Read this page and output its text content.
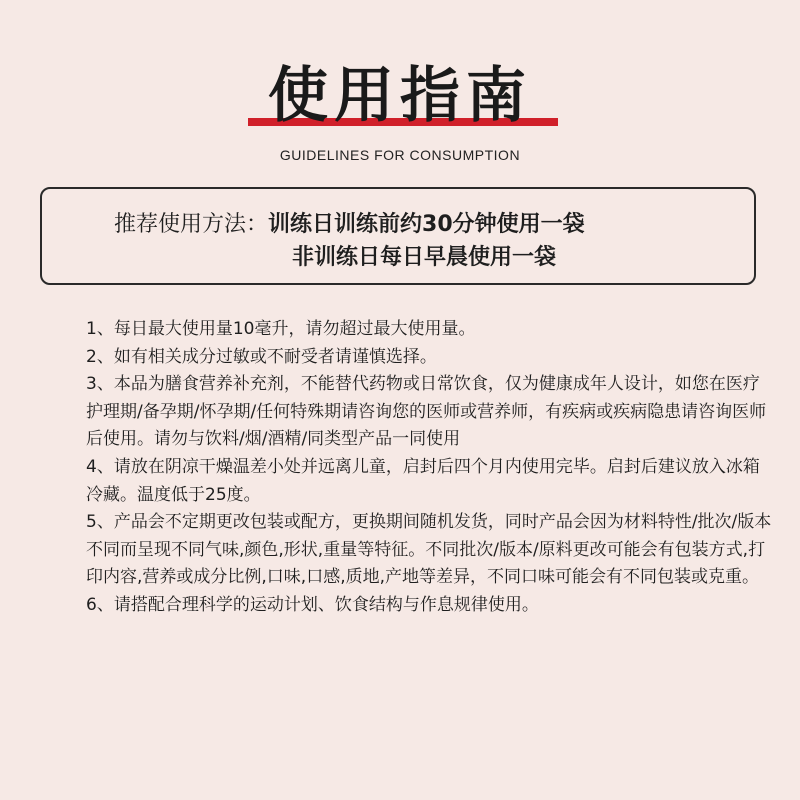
使用指南
GUIDELINES FOR CONSUMPTION
推荐使用方法：训练日训练前约30分钟使用一袋
非训练日每日早晨使用一袋

1、每日最大使用量10毫升，请勿超过最大使用量。

2、如有相关成分过敏或不耐受者请谨慎选择。

3、本品为膳食营养补充剂，不能替代药物或日常饮食，仅为健康成年人设计，如您在医疗护理期/备孕期/怀孕期/任何特殊期请咨询您的医师或营养师，有疾病或疾病隐患请咨询医师后使用。请勿与饮料/烟/酒精/同类型产品一同使用

4、请放在阴凉干燥温差小处并远离儿童，启封后四个月内使用完毕。启封后建议放入冰箱冷藏。温度低于25度。

5、产品会不定期更改包装或配方，更换期间随机发货，同时产品会因为材料特性/批次/版本不同而呈现不同气味,颜色,形状,重量等特征。不同批次/版本/原料更改可能会有包装方式,打印内容,营养或成分比例,口味,口感,质地,产地等差异，不同口味可能会有不同包装或克重。

6、请搭配合理科学的运动计划、饮食结构与作息规律使用。
